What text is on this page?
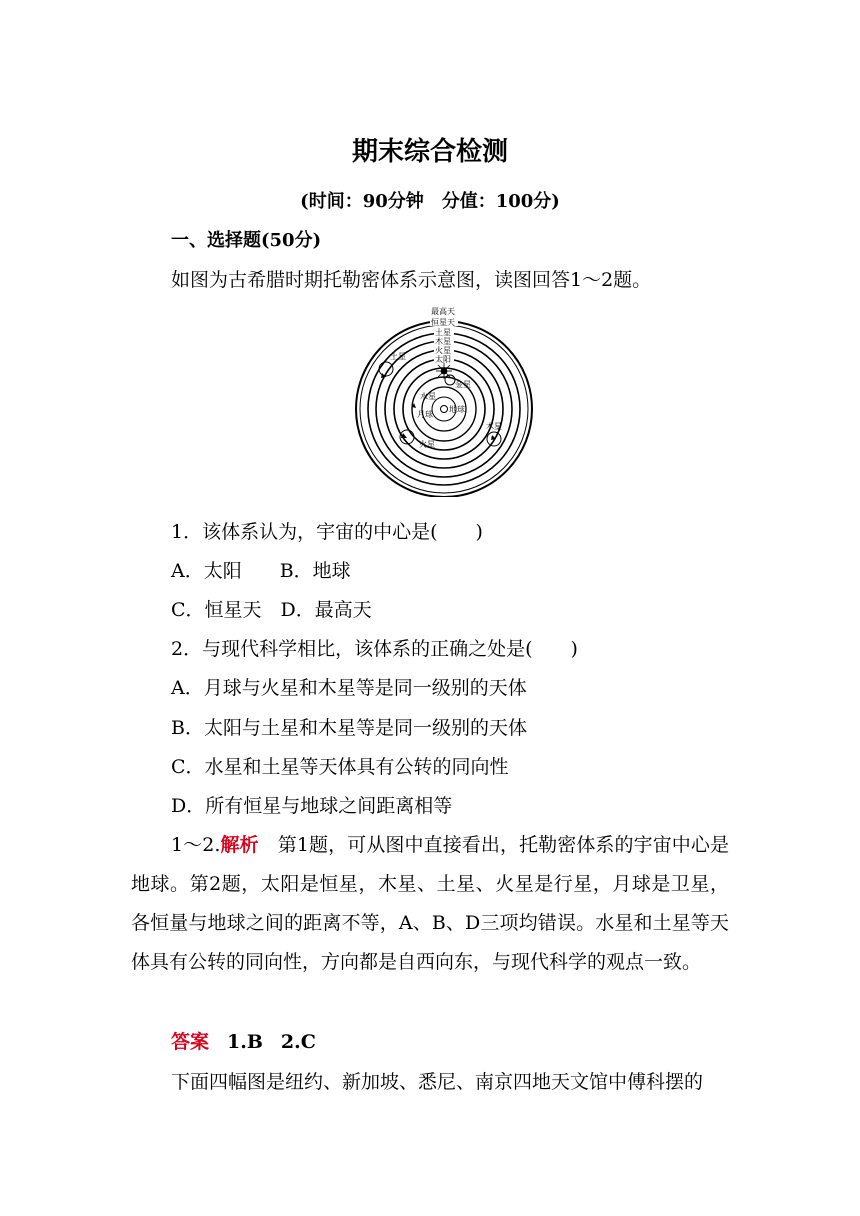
期末综合检测
(时间：90分钟　分值：100分)
一、选择题(50分)
如图为古希腊时期托勒密体系示意图，读图回答1～2题。
最高天
恒星天
土星
木星
火星
太阳
土星
金星
水星
月球
地球
火星
木星
1．该体系认为，宇宙的中心是(　　)
A．太阳　　B．地球
C．恒星天　D．最高天
2．与现代科学相比，该体系的正确之处是(　　)
A．月球与火星和木星等是同一级别的天体
B．太阳与土星和木星等是同一级别的天体
C．水星和土星等天体具有公转的同向性
D．所有恒星与地球之间距离相等
1～2.解析　第1题，可从图中直接看出，托勒密体系的宇宙中心是地球。第2题，太阳是恒星，木星、土星、火星是行星，月球是卫星，各恒量与地球之间的距离不等，A、B、D三项均错误。水星和土星等天体具有公转的同向性，方向都是自西向东，与现代科学的观点一致。
答案 1.B 2.C
下面四幅图是纽约、新加坡、悉尼、南京四地天文馆中傅科摆的
